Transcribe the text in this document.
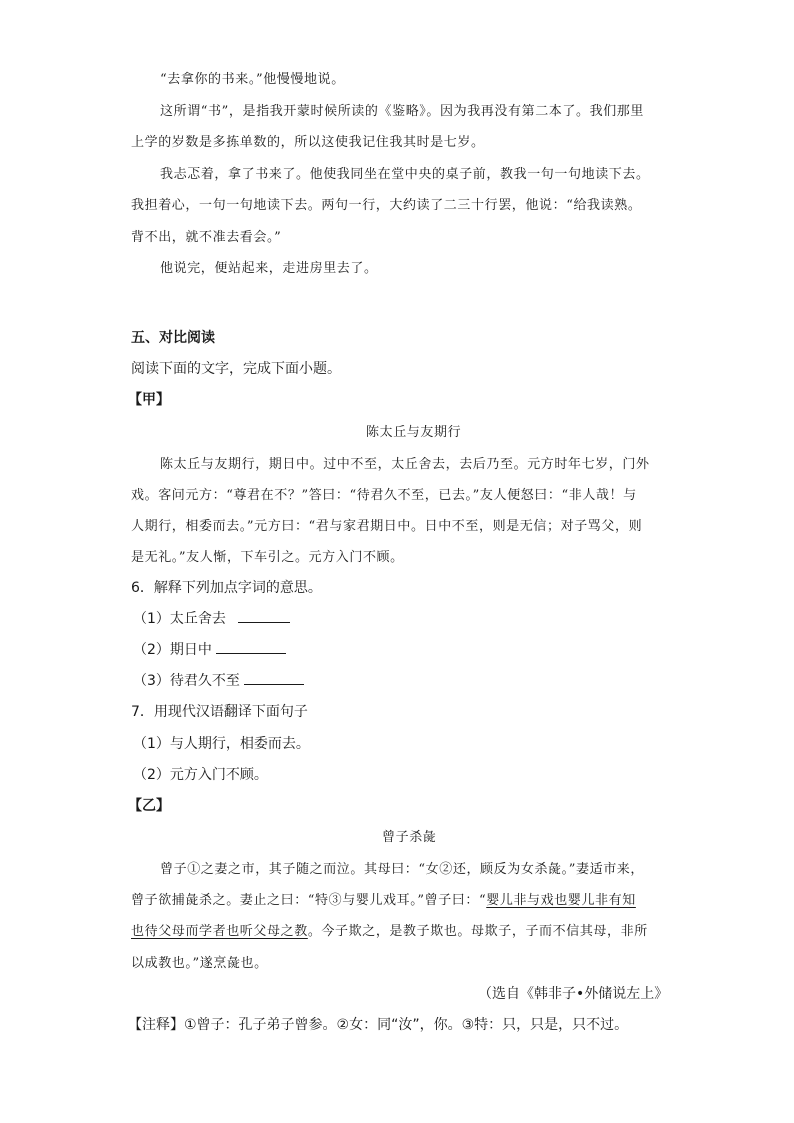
“去拿你的书来。”他慢慢地说。
这所谓“书”，是指我开蒙时候所读的《鉴略》。因为我再没有第二本了。我们那里
上学的岁数是多拣单数的，所以这使我记住我其时是七岁。
我忐忑着，拿了书来了。他使我同坐在堂中央的桌子前，教我一句一句地读下去。
我担着心，一句一句地读下去。两句一行，大约读了二三十行罢，他说：“给我读熟。
背不出，就不准去看会。”
他说完，便站起来，走进房里去了。
五、对比阅读
阅读下面的文字，完成下面小题。
【甲】
陈太丘与友期行
陈太丘与友期行，期日中。过中不至，太丘舍去，去后乃至。元方时年七岁，门外
戏。客问元方：“尊君在不？”答曰：“待君久不至，已去。”友人便怒曰：“非人哉！与
人期行，相委而去。”元方曰：“君与家君期日中。日中不至，则是无信；对子骂父，则
是无礼。”友人惭，下车引之。元方入门不顾。
6．解释下列加点字词的意思。
（1）太丘舍去
（2）期日中
（3）待君久不至
7．用现代汉语翻译下面句子
（1）与人期行，相委而去。
（2）元方入门不顾。
【乙】
曾子杀彘
曾子①之妻之市，其子随之而泣。其母曰：“女②还，顾反为女杀彘。”妻适市来，
曾子欲捕彘杀之。妻止之曰：“特③与婴儿戏耳。”曾子曰：“婴儿非与戏也婴儿非有知
也待父母而学者也听父母之教。今子欺之，是教子欺也。母欺子，子而不信其母，非所
以成教也。”遂烹彘也。
（选自《韩非子•外储说左上》
【注释】①曾子：孔子弟子曾参。②女：同“汝”，你。③特：只，只是，只不过。
